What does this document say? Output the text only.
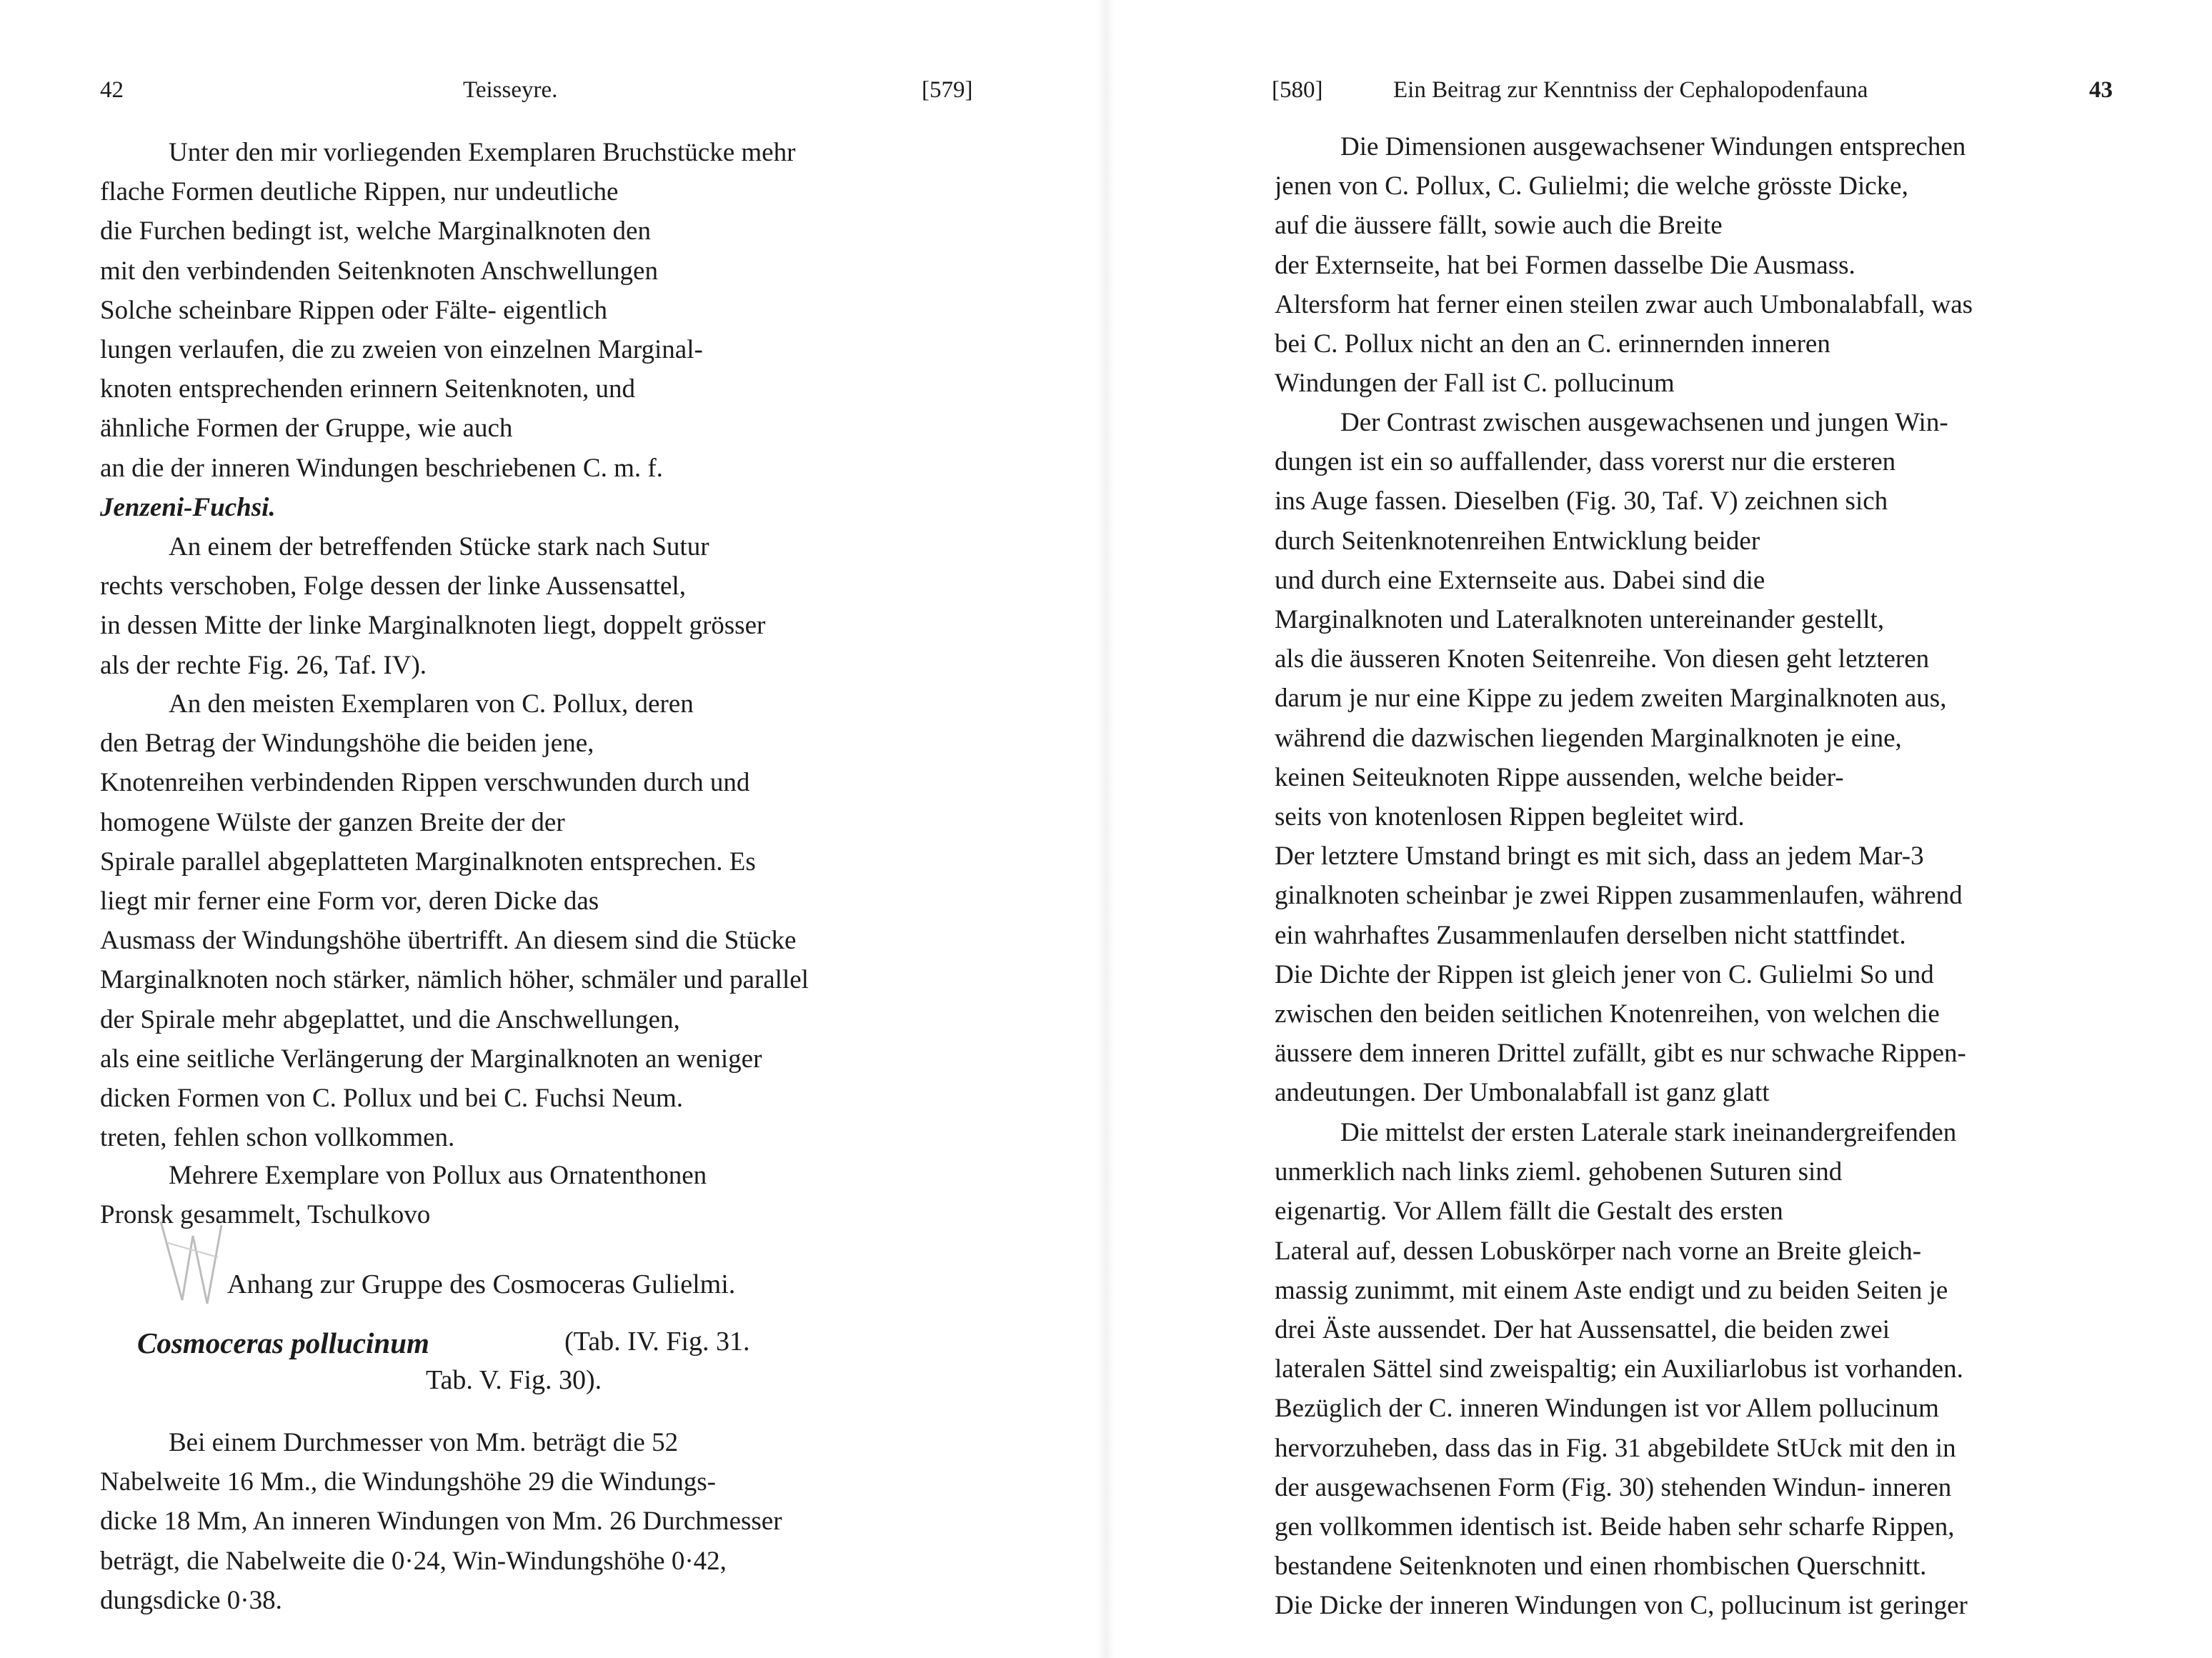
42	Teisseyre.	[579]
Unter den mir vorliegenden Exemplaren Bruchstücke mehr
flache Formen deutliche Rippen, nur undeutliche
die Furchen bedingt ist, welche Marginalknoten den
mit den verbindenden Seitenknoten Anschwellungen
Solche scheinbare Rippen oder Fälte- eigentlich
lungen verlaufen, die zu zweien von einzelnen Marginal-
knoten entsprechenden erinnern Seitenknoten, und
ähnliche Formen der Gruppe, wie auch
an die der inneren Windungen beschriebenen C. m. f.
Jenzeni-Fuchsi.
An einem der betreffenden Stücke stark nach Sutur
rechts verschoben, Folge dessen der linke Aussensattel,
in dessen Mitte der linke Marginalknoten liegt, doppelt grösser
als der rechte Fig. 26, Taf. IV).
An den meisten Exemplaren von C. Pollux, deren
den Betrag der Windungshöhe die beiden jene,
Knotenreihen verbindenden Rippen verschwunden durch und
homogene Wülste der ganzen Breite der der
Spirale parallel abgeplatteten Marginalknoten entsprechen. Es
liegt mir ferner eine Form vor, deren Dicke das
Ausmass der Windungshöhe übertrifft. An diesem sind die Stücke
Marginalknoten noch stärker, nämlich höher, schmäler und parallel
der Spirale mehr abgeplattet, und die Anschwellungen,
als eine seitliche Verlängerung der Marginalknoten an weniger
dicken Formen von C. Pollux und bei C. Fuchsi Neum.
treten, fehlen schon vollkommen.
Mehrere Exemplare von Pollux aus Ornatenthonen
Pronsk gesammelt, Tschulkovo
Anhang zur Gruppe des Cosmoceras Gulielmi.
Cosmoceras pollucinum	(Tab. IV. Fig. 31.
Tab. V. Fig. 30).
Bei einem Durchmesser von Mm. beträgt die 52
Nabelweite 16 Mm., die Windungshöhe 29 die Windungs-
dicke 18 Mm, An inneren Windungen von Mm. 26 Durchmesser
beträgt, die Nabelweite die 0·24, Win-Windungshöhe 0·42,
dungsdicke 0·38.
[580]	Ein Beitrag zur Kenntniss der Cephalopodenfauna	43
Die Dimensionen ausgewachsener Windungen entsprechen
jenen von C. Pollux, C. Gulielmi; die welche grösste Dicke,
auf die äussere fällt, sowie auch die Breite
der Externseite, hat bei Formen dasselbe Die Ausmass.
Altersform hat ferner einen steilen zwar auch Umbonalabfall, was
bei C. Pollux nicht an den an C. erinnernden inneren
Windungen der Fall ist C. pollucinum
Der Contrast zwischen ausgewachsenen und jungen Win-
dungen ist ein so auffallender, dass vorerst nur die ersteren
ins Auge fassen. Dieselben (Fig. 30, Taf. V) zeichnen sich
durch Seitenknotenreihen Entwicklung beider
und durch eine Externseite aus. Dabei sind die
Marginalknoten und Lateralknoten untereinander gestellt,
als die äusseren Knoten Seitenreihe. Von diesen geht letzteren
darum je nur eine Kippe zu jedem zweiten Marginalknoten aus,
während die dazwischen liegenden Marginalknoten je eine,
keinen Seiteuknoten Rippe aussenden, welche beider-
seits von knotenlosen Rippen begleitet wird.
Der letztere Umstand bringt es mit sich, dass an jedem Mar-3
ginalknoten scheinbar je zwei Rippen zusammenlaufen, während
ein wahrhaftes Zusammenlaufen derselben nicht stattfindet.
Die Dichte der Rippen ist gleich jener von C. Gulielmi So und
zwischen den beiden seitlichen Knotenreihen, von welchen die
äussere dem inneren Drittel zufällt, gibt es nur schwache Rippen-
andeutungen. Der Umbonalabfall ist ganz glatt
Die mittelst der ersten Laterale stark ineinandergreifenden
unmerklich nach links zieml. gehobenen Suturen sind
eigenartig. Vor Allem fällt die Gestalt des ersten
Lateral auf, dessen Lobuskörper nach vorne an Breite gleich-
massig zunimmt, mit einem Aste endigt und zu beiden Seiten je
drei Äste aussendet. Der hat Aussensattel, die beiden zwei
lateralen Sättel sind zweispaltig; ein Auxiliarlobus ist vorhanden.
Bezüglich der C. inneren Windungen ist vor Allem pollucinum
hervorzuheben, dass das in Fig. 31 abgebildete StUck mit den in
der ausgewachsenen Form (Fig. 30) stehenden Windun- inneren
gen vollkommen identisch ist. Beide haben sehr scharfe Rippen,
bestandene Seitenknoten und einen rhombischen Querschnitt.
Die Dicke der inneren Windungen von C, pollucinum ist geringer
